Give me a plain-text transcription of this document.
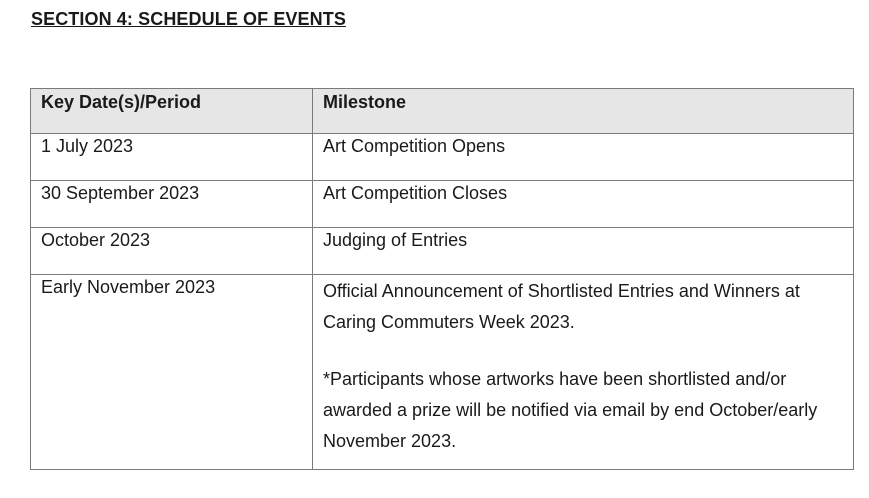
SECTION 4: SCHEDULE OF EVENTS
Key Date(s)/Period	Milestone
1 July 2023	Art Competition Opens
30 September 2023	Art Competition Closes
October 2023	Judging of Entries
Early November 2023	Official Announcement of Shortlisted Entries and Winners at Caring Commuters Week 2023.

*Participants whose artworks have been shortlisted and/or awarded a prize will be notified via email by end October/early November 2023.
